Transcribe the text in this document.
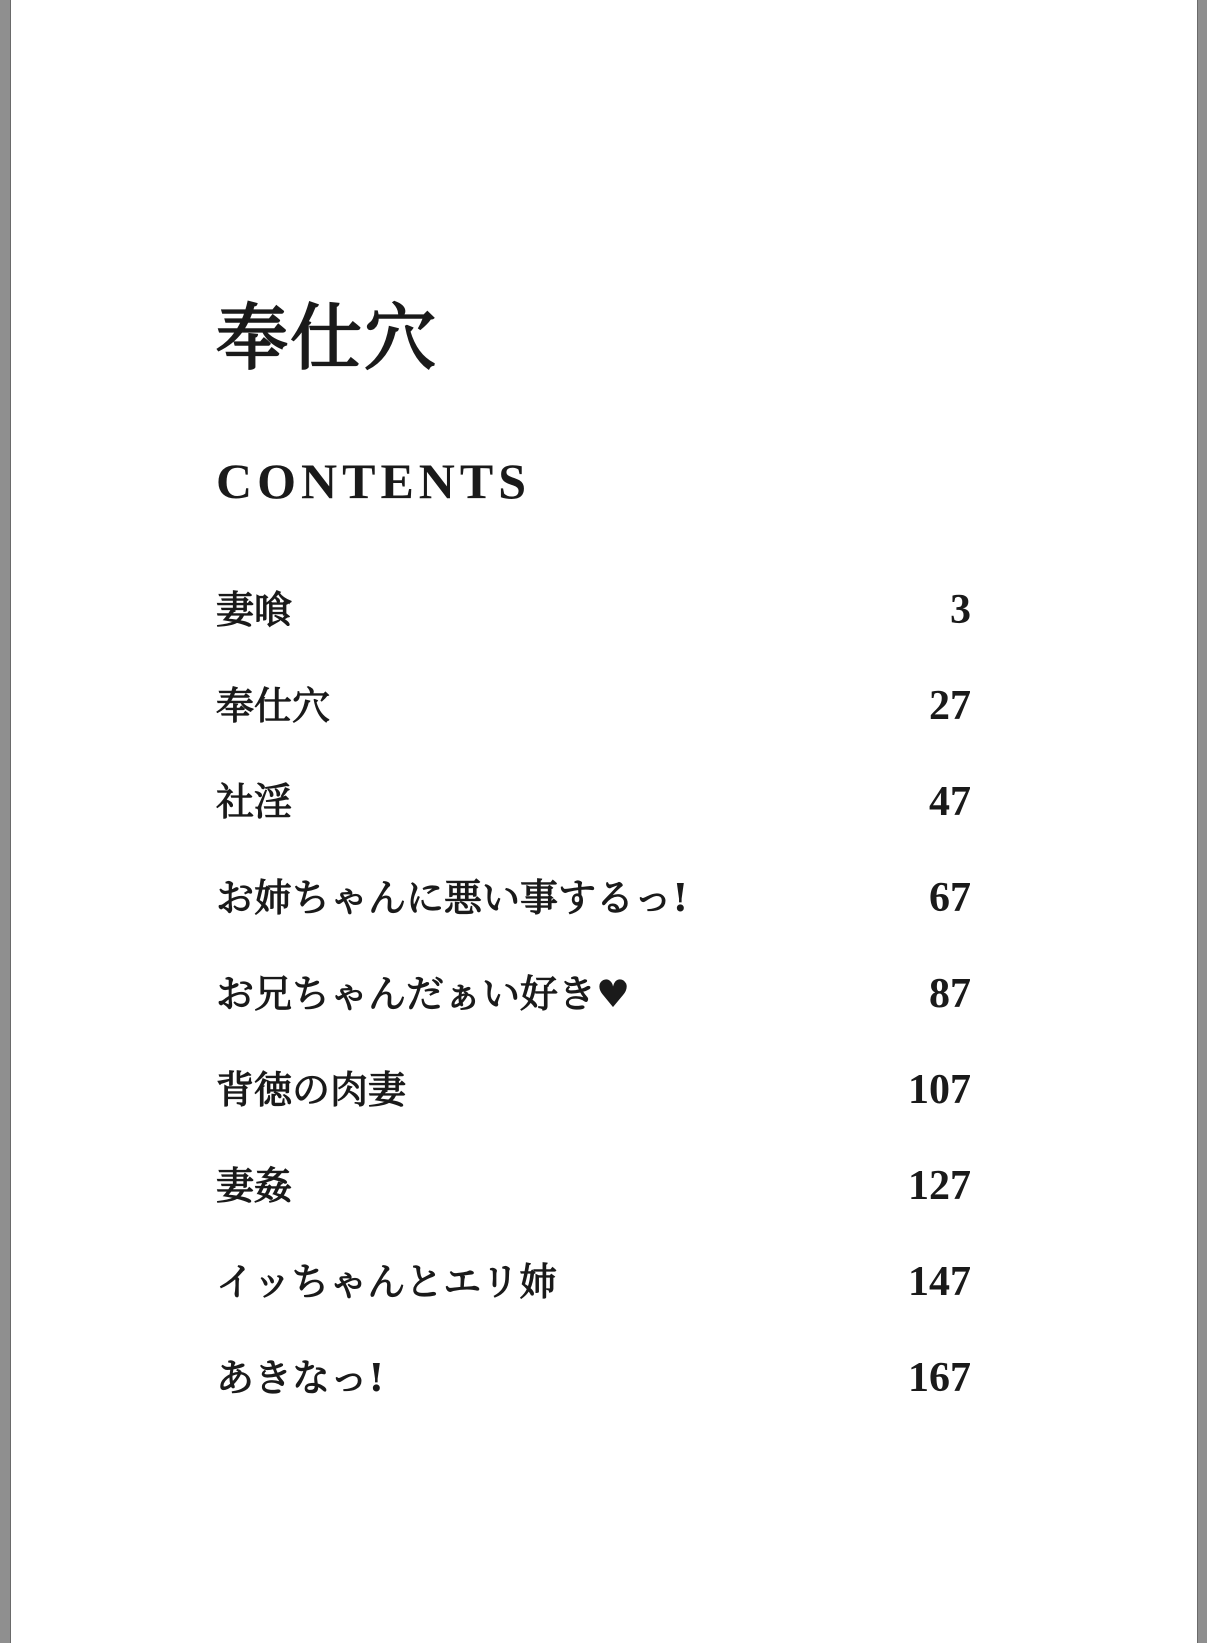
奉仕穴
CONTENTS
妻喰	3
奉仕穴	27
社淫	47
お姉ちゃんに悪い事するっ!	67
お兄ちゃんだぁい好き♥	87
背徳の肉妻	107
妻姦	127
イッちゃんとエリ姉	147
あきなっ!	167
